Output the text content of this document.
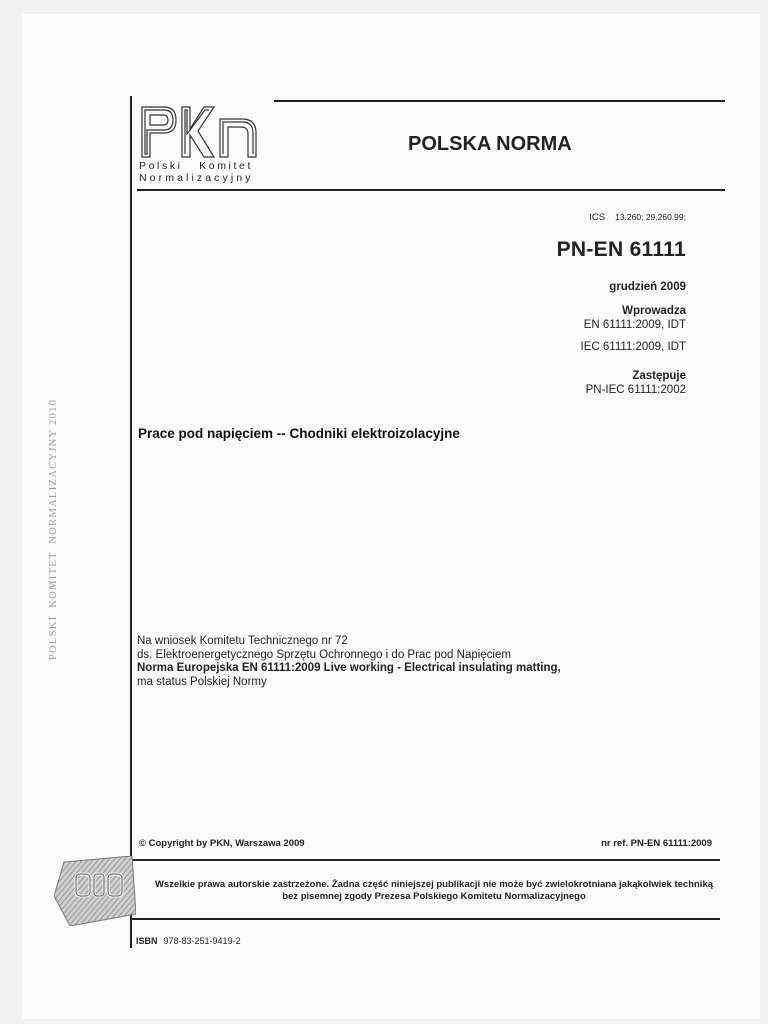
Polski   Komitet
Normalizacyjny
POLSKA NORMA
ICS 13.260; 29.260.99;
PN-EN 61111
grudzień 2009
Wprowadza
EN 61111:2009, IDT
IEC 61111:2009, IDT
Zastępuje
PN-IEC 61111:2002
Prace pod napięciem -- Chodniki elektroizolacyjne
Na wniosek Komitetu Technicznego nr 72
ds. Elektroenergetycznego Sprzętu Ochronnego i do Prac pod Napięciem
Norma Europejska EN 61111:2009 Live working - Electrical insulating matting,
ma status Polskiej Normy
© Copyright by PKN, Warszawa 2009	nr ref. PN-EN 61111:2009
Wszelkie prawa autorskie zastrzeżone. Żadna część niniejszej publikacji nie może być zwielokrotniana jakąkolwiek techniką
bez pisemnej zgody Prezesa Polskiego Komitetu Normalizacyjnego
ISBN 978-83-251-9419-2
POLSKI  KOMITET  NORMALIZACYJNY 2010
